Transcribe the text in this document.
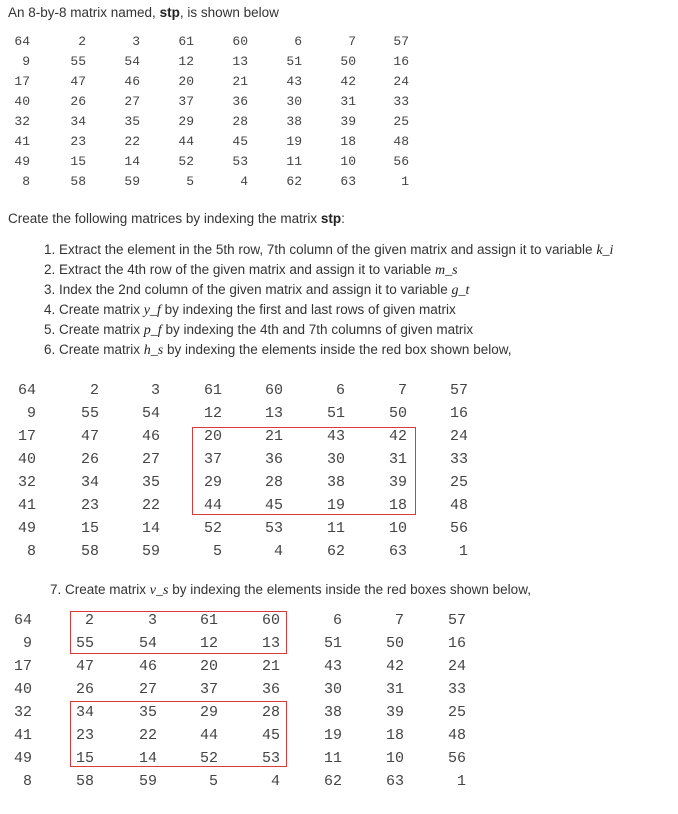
An 8-by-8 matrix named, stp, is shown below
64	2	3	61	60	6	7	57
9	55	54	12	13	51	50	16
17	47	46	20	21	43	42	24
40	26	27	37	36	30	31	33
32	34	35	29	28	38	39	25
41	23	22	44	45	19	18	48
49	15	14	52	53	11	10	56
8	58	59	5	4	62	63	1
Create the following matrices by indexing the matrix stp:
1. Extract the element in the 5th row, 7th column of the given matrix and assign it to variable k_i
2. Extract the 4th row of the given matrix and assign it to variable m_s
3. Index the 2nd column of the given matrix and assign it to variable g_t
4. Create matrix y_f by indexing the first and last rows of given matrix
5. Create matrix p_f by indexing the 4th and 7th columns of given matrix
6. Create matrix h_s by indexing the elements inside the red box shown below,
64	2	3	61	60	6	7	57
9	55	54	12	13	51	50	16
17	47	46	20	21	43	42	24
40	26	27	37	36	30	31	33
32	34	35	29	28	38	39	25
41	23	22	44	45	19	18	48
49	15	14	52	53	11	10	56
8	58	59	5	4	62	63	1
7. Create matrix v_s by indexing the elements inside the red boxes shown below,
64	2	3	61	60	6	7	57
9	55	54	12	13	51	50	16
17	47	46	20	21	43	42	24
40	26	27	37	36	30	31	33
32	34	35	29	28	38	39	25
41	23	22	44	45	19	18	48
49	15	14	52	53	11	10	56
8	58	59	5	4	62	63	1
